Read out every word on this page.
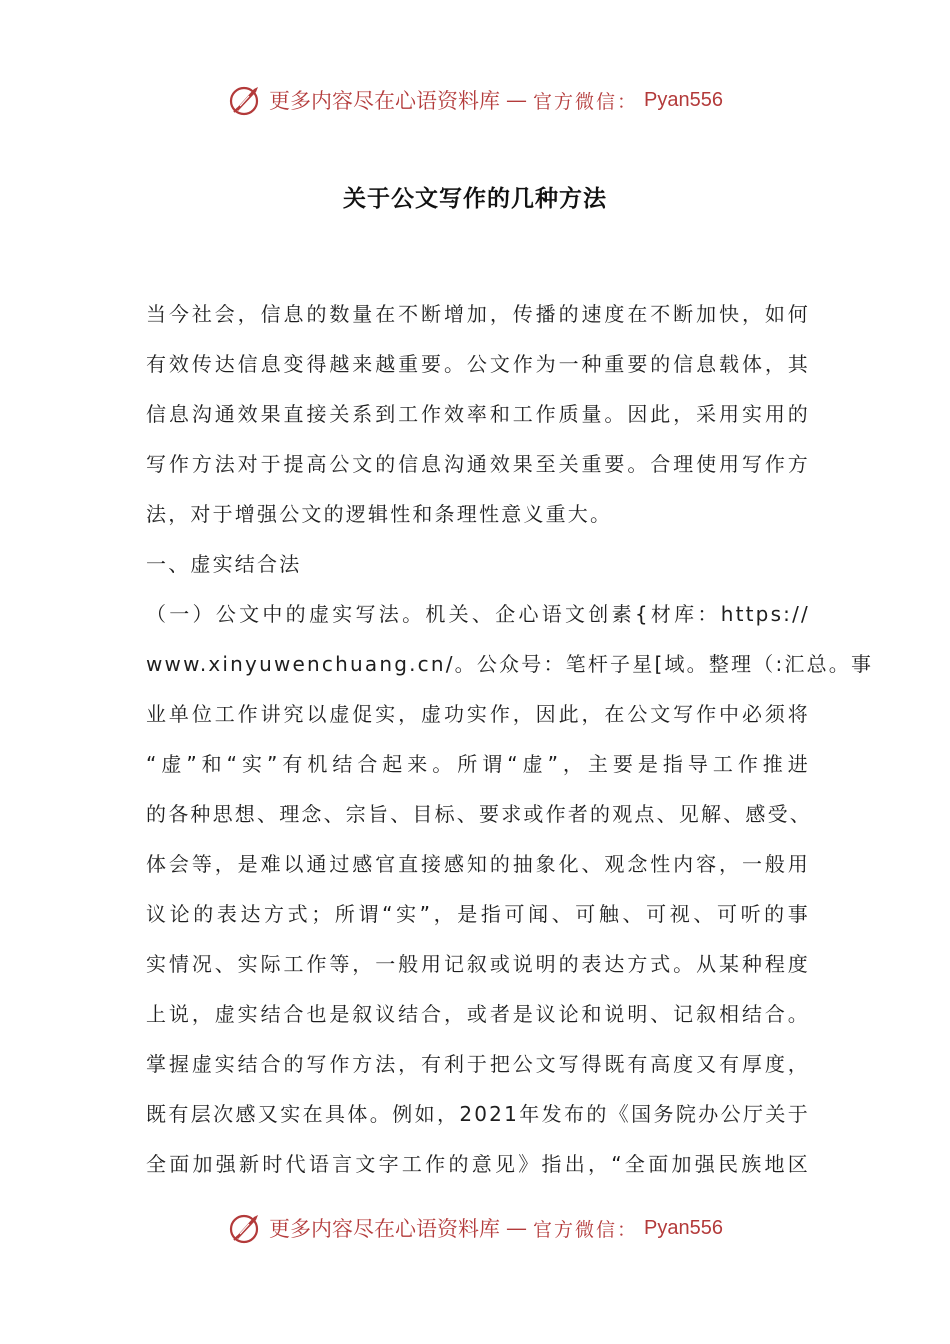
更多内容尽在心语资料库 — 官方微信： Pyan556
关于公文写作的几种方法
当今社会，信息的数量在不断增加，传播的速度在不断加快，如何
有效传达信息变得越来越重要。公文作为一种重要的信息载体，其
信息沟通效果直接关系到工作效率和工作质量。因此，采用实用的
写作方法对于提高公文的信息沟通效果至关重要。合理使用写作方
法，对于增强公文的逻辑性和条理性意义重大。
一、虚实结合法
（一）公文中的虚实写法。机关、企心语文创素{材库：https://
www.xinyuwenchuang.cn/。公众号：笔杆子星[域。整理（:汇总。事
业单位工作讲究以虚促实，虚功实作，因此，在公文写作中必须将
“虚”和“实”有机结合起来。所谓“虚”，主要是指导工作推进
的各种思想、理念、宗旨、目标、要求或作者的观点、见解、感受、
体会等，是难以通过感官直接感知的抽象化、观念性内容，一般用
议论的表达方式；所谓“实”，是指可闻、可触、可视、可听的事
实情况、实际工作等，一般用记叙或说明的表达方式。从某种程度
上说，虚实结合也是叙议结合，或者是议论和说明、记叙相结合。
掌握虚实结合的写作方法，有利于把公文写得既有高度又有厚度，
既有层次感又实在具体。例如，2021年发布的《国务院办公厅关于
全面加强新时代语言文字工作的意见》指出，“全面加强民族地区
更多内容尽在心语资料库 — 官方微信： Pyan556
